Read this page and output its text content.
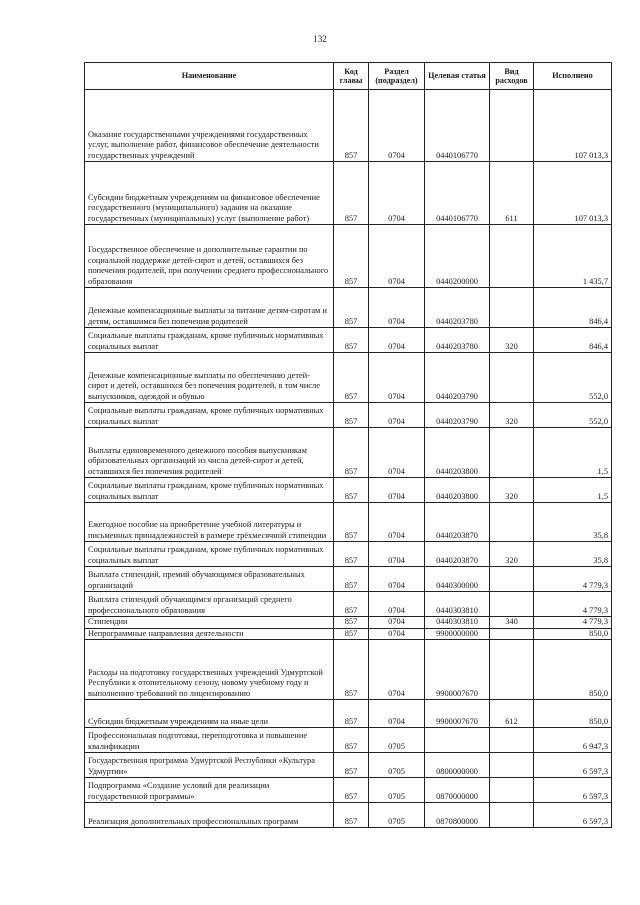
132
Наименование	Код главы	Раздел (подраздел)	Целевая статья	Вид расходов	Исполнено

Оказание государственными учреждениями государственных услуг, выполнение работ, финансовое обеспечение деятельности государственных учреждений	857	0704	0440106770		107 013,3

Субсидии бюджетным учреждениям на финансовое обеспечение государственного (муниципального) задания на оказание государственных (муниципальных) услуг (выполнение работ)	857	0704	0440106770	611	107 013,3

Государственное обеспечение и дополнительные гарантии по социальной поддержке детей-сирот и детей, оставшихся без попечения родителей, при получении среднего профессионального образования	857	0704	0440200000		1 435,7

Денежные компенсационные выплаты за питание детям-сиротам и детям, оставшимся без попечения родителей	857	0704	0440203780		846,4

Социальные выплаты гражданам, кроме публичных нормативных социальных выплат	857	0704	0440203780	320	846,4

Денежные компенсационные выплаты по обеспечению детей-сирот и детей, оставшихся без попечения родителей, в том числе выпускников, одеждой и обувью	857	0704	0440203790		552,0

Социальные выплаты гражданам, кроме публичных нормативных социальных выплат	857	0704	0440203790	320	552,0

Выплаты единовременного денежного пособия выпускникам образовательных организаций из числа детей-сирот и детей, оставшихся без попечения родителей	857	0704	0440203800		1,5

Социальные выплаты гражданам, кроме публичных нормативных социальных выплат	857	0704	0440203800	320	1,5

Ежегодное пособие на приобретение учебной литературы и письменных принадлежностей в размере трёхмесячной стипендии	857	0704	0440203870		35,8

Социальные выплаты гражданам, кроме публичных нормативных социальных выплат	857	0704	0440203870	320	35,8

Выплата стипендий, премий обучающимся образовательных организаций	857	0704	0440300000		4 779,3

Выплата стипендий обучающимся организаций среднего профессионального образования	857	0704	0440303810		4 779,3

Стипендии	857	0704	0440303810	340	4 779,3

Непрограммные направления деятельности	857	0704	9900000000		850,0

Расходы на подготовку государственных учреждений Удмуртской Республики к отопительному сезону, новому учебному году и выполнению требований по лицензированию	857	0704	9900007670		850,0

Субсидии бюджетным учреждениям на иные цели	857	0704	9900007670	612	850,0

Профессиональная подготовка, переподготовка и повышение квалификации	857	0705			6 947,3

Государственная программа Удмуртской Республики «Культура Удмуртии»	857	0705	0800000000		6 597,3

Подпрограмма «Создание условий для реализации государственной программы»	857	0705	0870000000		6 597,3

Реализация дополнительных профессиональных программ	857	0705	0870800000		6 597,3
